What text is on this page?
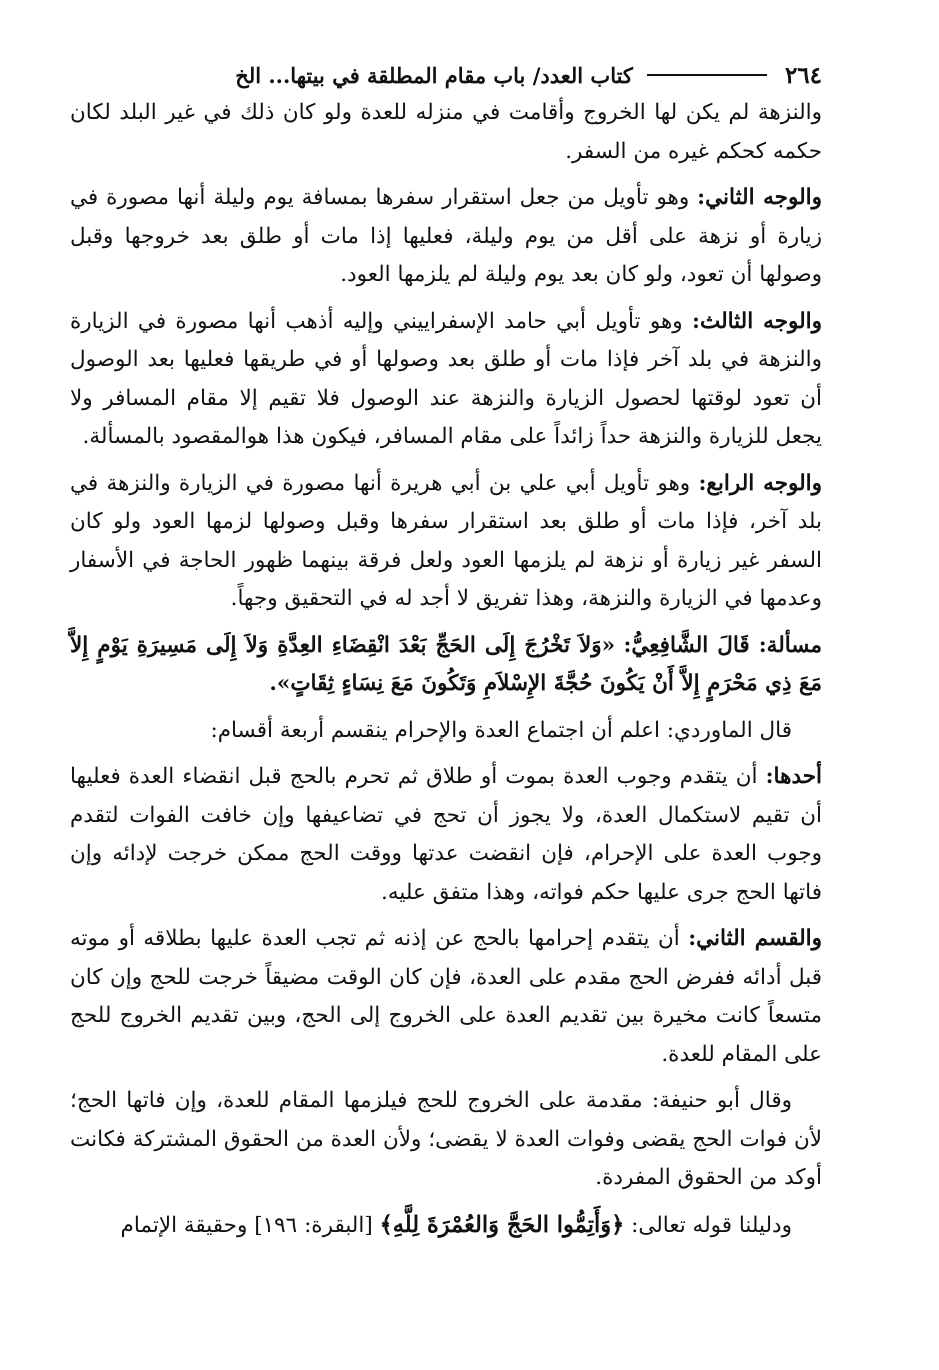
٢٦٤
كتاب العدد/ باب مقام المطلقة في بيتها... الخ

والنزهة لم يكن لها الخروج وأقامت في منزله للعدة ولو كان ذلك في غير البلد لكان حكمه كحكم غيره من السفر.

والوجه الثاني: وهو تأويل من جعل استقرار سفرها بمسافة يوم وليلة أنها مصورة في زيارة أو نزهة على أقل من يوم وليلة، فعليها إذا مات أو طلق بعد خروجها وقبل وصولها أن تعود، ولو كان بعد يوم وليلة لم يلزمها العود.

والوجه الثالث: وهو تأويل أبي حامد الإسفراييني وإليه أذهب أنها مصورة في الزيارة والنزهة في بلد آخر فإذا مات أو طلق بعد وصولها أو في طريقها فعليها بعد الوصول أن تعود لوقتها لحصول الزيارة والنزهة عند الوصول فلا تقيم إلا مقام المسافر ولا يجعل للزيارة والنزهة حداً زائداً على مقام المسافر، فيكون هذا هوالمقصود بالمسألة.

والوجه الرابع: وهو تأويل أبي علي بن أبي هريرة أنها مصورة في الزيارة والنزهة في بلد آخر، فإذا مات أو طلق بعد استقرار سفرها وقبل وصولها لزمها العود ولو كان السفر غير زيارة أو نزهة لم يلزمها العود ولعل فرقة بينهما ظهور الحاجة في الأسفار وعدمها في الزيارة والنزهة، وهذا تفريق لا أجد له في التحقيق وجهاً.

مسألة: قَالَ الشَّافِعِيُّ: «وَلاَ تَخْرُجَ إِلَى الحَجِّ بَعْدَ انْقِضَاءِ العِدَّةِ وَلاَ إِلَى مَسِيرَةِ يَوْمٍ إِلاَّ مَعَ ذِي مَحْرَمٍ إِلاَّ أَنْ يَكُونَ حُجَّةَ الإِسْلاَمِ وَتَكُونَ مَعَ نِسَاءٍ ثِقَاتٍ».

قال الماوردي: اعلم أن اجتماع العدة والإحرام ينقسم أربعة أقسام:

أحدها: أن يتقدم وجوب العدة بموت أو طلاق ثم تحرم بالحج قبل انقضاء العدة فعليها أن تقيم لاستكمال العدة، ولا يجوز أن تحج في تضاعيفها وإن خافت الفوات لتقدم وجوب العدة على الإحرام، فإن انقضت عدتها ووقت الحج ممكن خرجت لإدائه وإن فاتها الحج جرى عليها حكم فواته، وهذا متفق عليه.

والقسم الثاني: أن يتقدم إحرامها بالحج عن إذنه ثم تجب العدة عليها بطلاقه أو موته قبل أدائه ففرض الحج مقدم على العدة، فإن كان الوقت مضيقاً خرجت للحج وإن كان متسعاً كانت مخيرة بين تقديم العدة على الخروج إلى الحج، وبين تقديم الخروج للحج على المقام للعدة.

وقال أبو حنيفة: مقدمة على الخروج للحج فيلزمها المقام للعدة، وإن فاتها الحج؛ لأن فوات الحج يقضى وفوات العدة لا يقضى؛ ولأن العدة من الحقوق المشتركة فكانت أوكد من الحقوق المفردة.

ودليلنا قوله تعالى: ﴿وَأَتِمُّوا الحَجَّ وَالعُمْرَةَ لِلَّهِ﴾ [البقرة: ١٩٦] وحقيقة الإتمام
